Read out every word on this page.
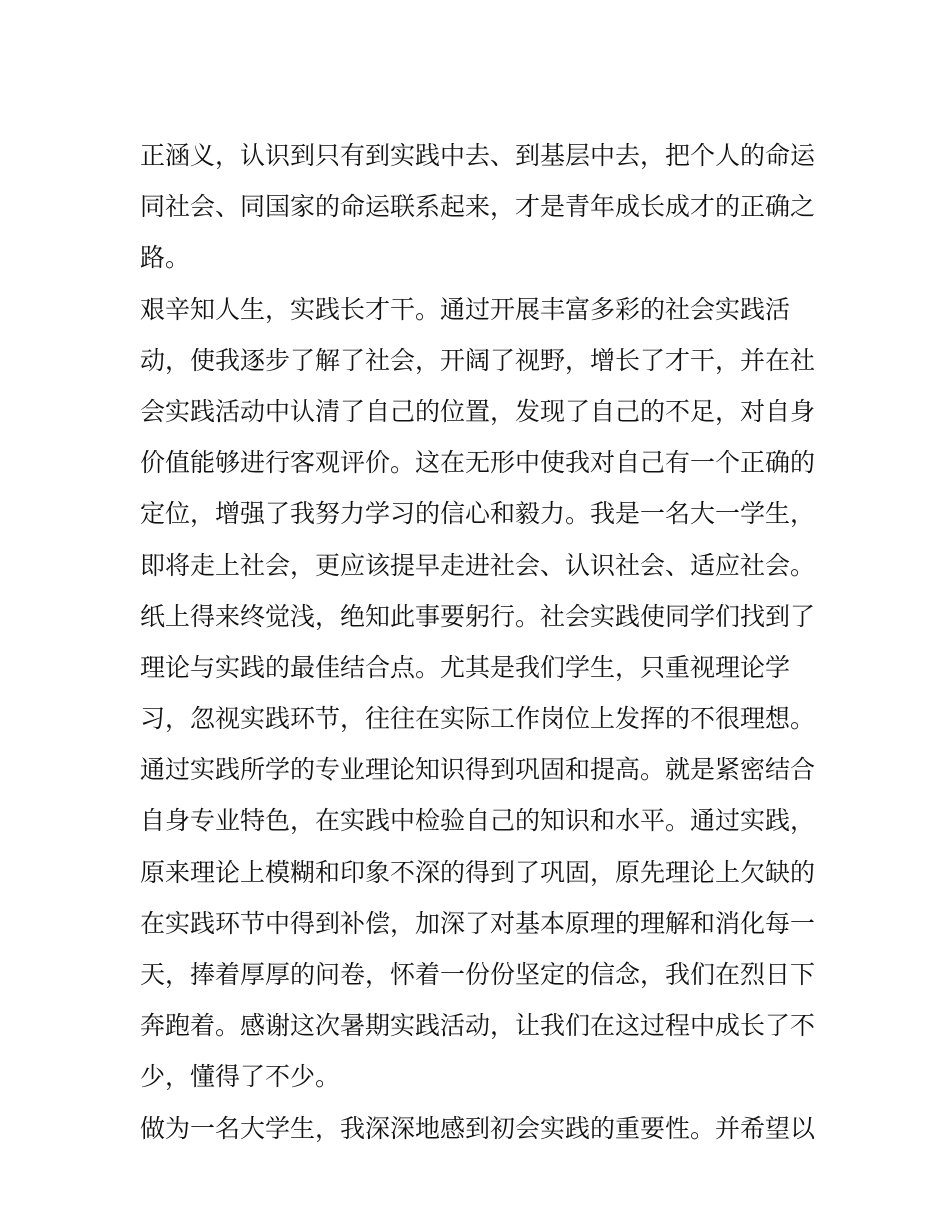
正涵义，认识到只有到实践中去、到基层中去，把个人的命运
同社会、同国家的命运联系起来，才是青年成长成才的正确之
路。
艰辛知人生，实践长才干。通过开展丰富多彩的社会实践活
动，使我逐步了解了社会，开阔了视野，增长了才干，并在社
会实践活动中认清了自己的位置，发现了自己的不足，对自身
价值能够进行客观评价。这在无形中使我对自己有一个正确的
定位，增强了我努力学习的信心和毅力。我是一名大一学生，
即将走上社会，更应该提早走进社会、认识社会、适应社会。
纸上得来终觉浅，绝知此事要躬行。社会实践使同学们找到了
理论与实践的最佳结合点。尤其是我们学生，只重视理论学
习，忽视实践环节，往往在实际工作岗位上发挥的不很理想。
通过实践所学的专业理论知识得到巩固和提高。就是紧密结合
自身专业特色，在实践中检验自己的知识和水平。通过实践，
原来理论上模糊和印象不深的得到了巩固，原先理论上欠缺的
在实践环节中得到补偿，加深了对基本原理的理解和消化每一
天，捧着厚厚的问卷，怀着一份份坚定的信念，我们在烈日下
奔跑着。感谢这次暑期实践活动，让我们在这过程中成长了不
少，懂得了不少。
做为一名大学生，我深深地感到初会实践的重要性。并希望以
